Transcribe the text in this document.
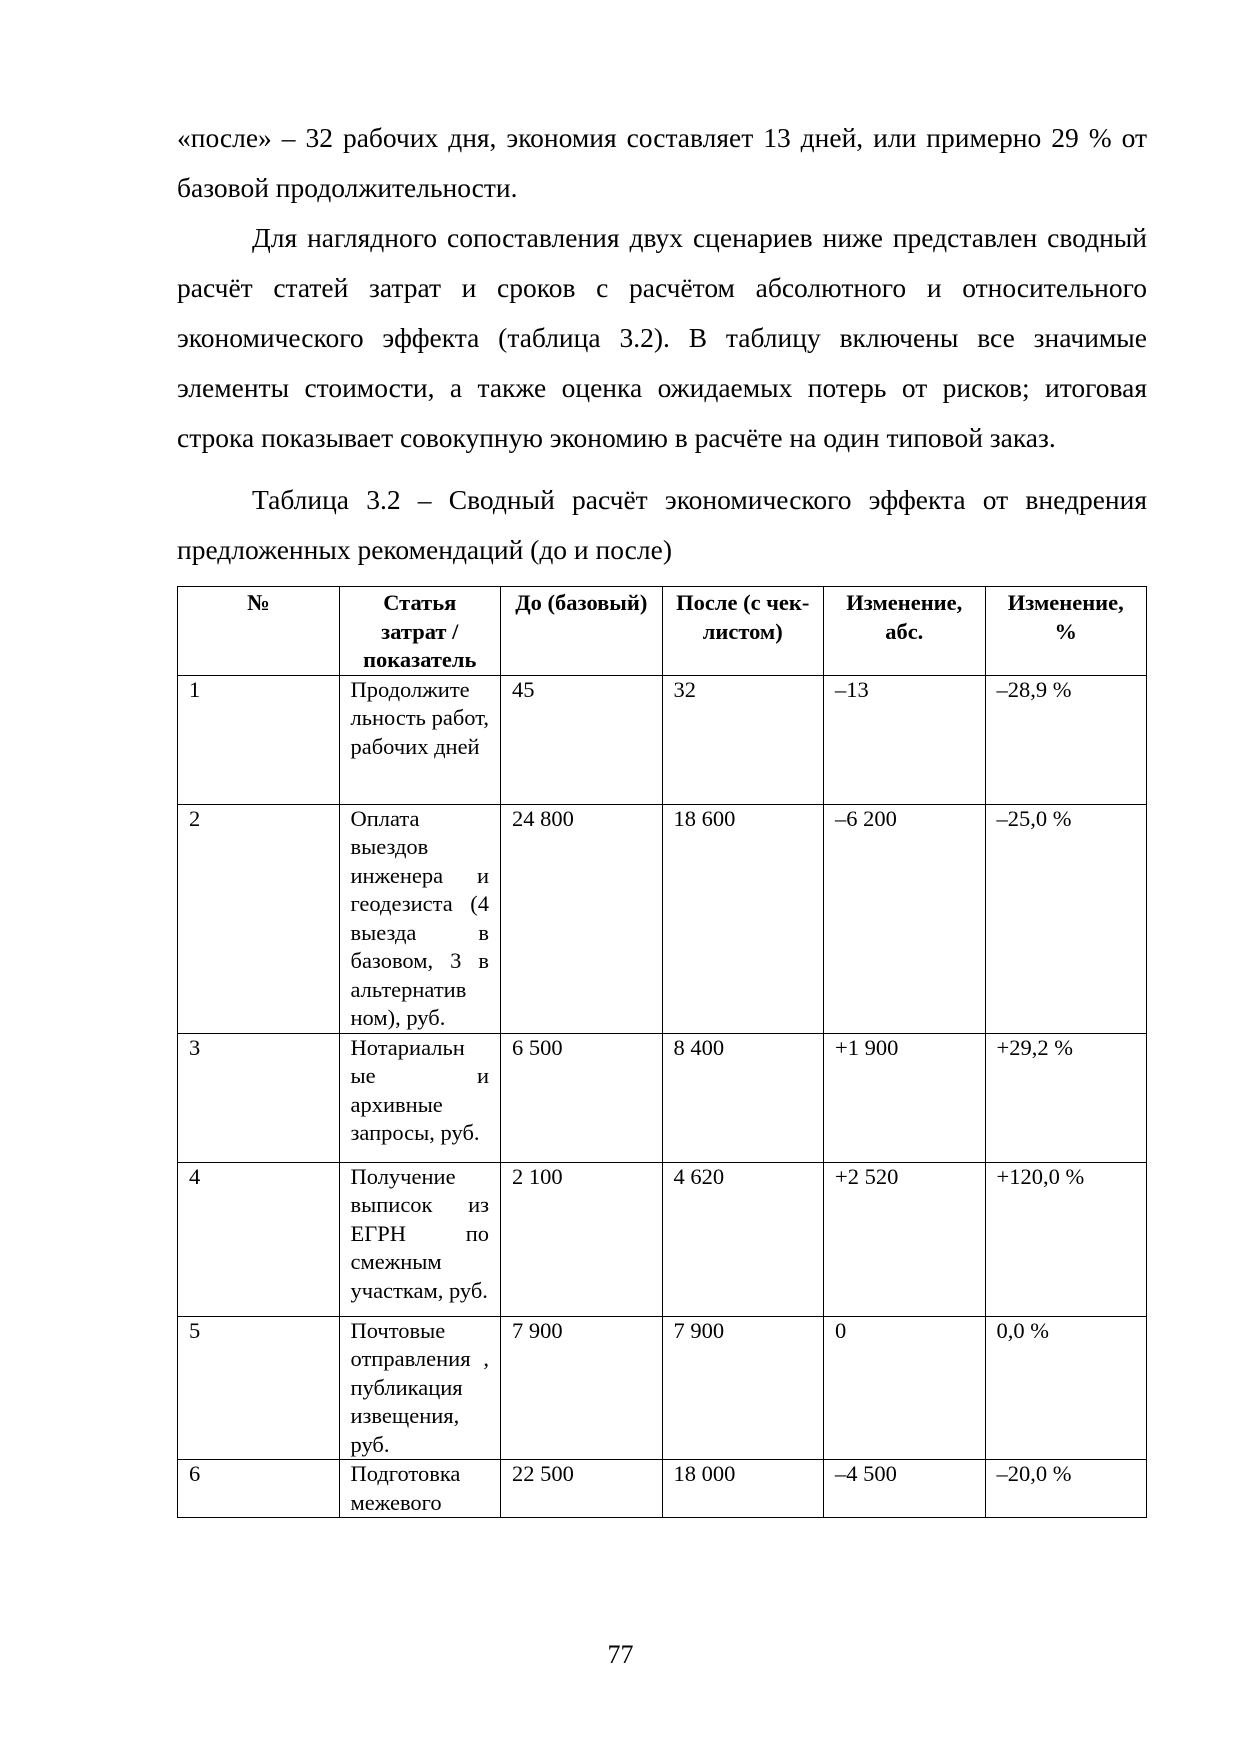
«после» – 32 рабочих дня, экономия составляет 13 дней, или примерно 29 % от базовой продолжительности.

Для наглядного сопоставления двух сценариев ниже представлен сводный расчёт статей затрат и сроков с расчётом абсолютного и относительного экономического эффекта (таблица 3.2). В таблицу включены все значимые элементы стоимости, а также оценка ожидаемых потерь от рисков; итоговая строка показывает совокупную экономию в расчёте на один типовой заказ.

Таблица 3.2 – Сводный расчёт экономического эффекта от внедрения предложенных рекомендаций (до и после)

№	Статья затрат / показатель	До (базовый)	После (с чек-листом)	Изменение, абс.	Изменение, %
1	Продолжите льность работ, рабочих дней	45	32	–13	–28,9 %
2	Оплата выездов инженера и геодезиста (4 выезда в базовом, 3 в альтернатив ном), руб.	24 800	18 600	–6 200	–25,0 %
3	Нотариальн ые и архивные запросы, руб.	6 500	8 400	+1 900	+29,2 %
4	Получение выписок из ЕГРН по смежным участкам, руб.	2 100	4 620	+2 520	+120,0 %
5	Почтовые отправления , публикация извещения, руб.	7 900	7 900	0	0,0 %
6	Подготовка межевого	22 500	18 000	–4 500	–20,0 %
77
